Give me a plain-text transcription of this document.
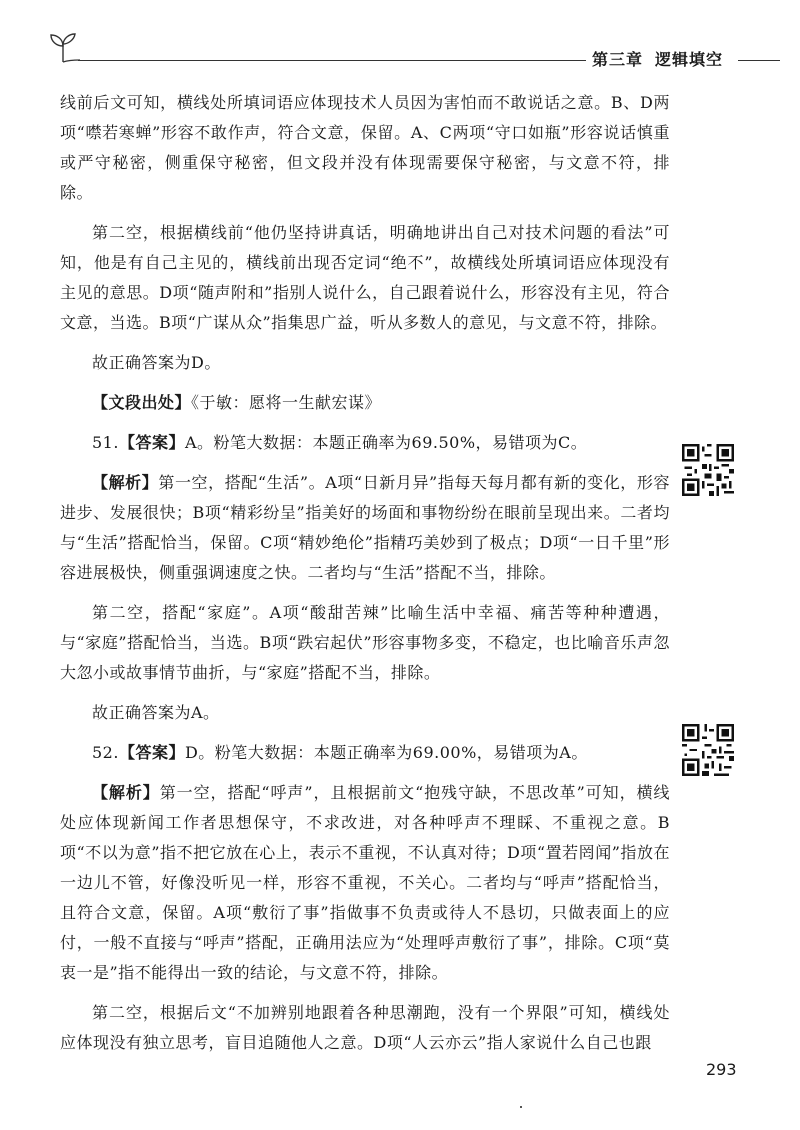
第三章 逻辑填空

线前后文可知，横线处所填词语应体现技术人员因为害怕而不敢说话之意。B、D两项“噤若寒蝉”形容不敢作声，符合文意，保留。A、C两项“守口如瓶”形容说话慎重或严守秘密，侧重保守秘密，但文段并没有体现需要保守秘密，与文意不符，排除。

第二空，根据横线前“他仍坚持讲真话，明确地讲出自己对技术问题的看法”可知，他是有自己主见的，横线前出现否定词“绝不”，故横线处所填词语应体现没有主见的意思。D项“随声附和”指别人说什么，自己跟着说什么，形容没有主见，符合文意，当选。B项“广谋从众”指集思广益，听从多数人的意见，与文意不符，排除。

故正确答案为D。

【文段出处】《于敏：愿将一生献宏谋》

51.【答案】A。粉笔大数据：本题正确率为69.50%，易错项为C。

【解析】第一空，搭配“生活”。A项“日新月异”指每天每月都有新的变化，形容进步、发展很快；B项“精彩纷呈”指美好的场面和事物纷纷在眼前呈现出来。二者均与“生活”搭配恰当，保留。C项“精妙绝伦”指精巧美妙到了极点；D项“一日千里”形容进展极快，侧重强调速度之快。二者均与“生活”搭配不当，排除。

第二空，搭配“家庭”。A项“酸甜苦辣”比喻生活中幸福、痛苦等种种遭遇，与“家庭”搭配恰当，当选。B项“跌宕起伏”形容事物多变，不稳定，也比喻音乐声忽大忽小或故事情节曲折，与“家庭”搭配不当，排除。

故正确答案为A。

52.【答案】D。粉笔大数据：本题正确率为69.00%，易错项为A。

【解析】第一空，搭配“呼声”，且根据前文“抱残守缺，不思改革”可知，横线处应体现新闻工作者思想保守，不求改进，对各种呼声不理睬、不重视之意。B项“不以为意”指不把它放在心上，表示不重视，不认真对待；D项“置若罔闻”指放在一边儿不管，好像没听见一样，形容不重视，不关心。二者均与“呼声”搭配恰当，且符合文意，保留。A项“敷衍了事”指做事不负责或待人不恳切，只做表面上的应付，一般不直接与“呼声”搭配，正确用法应为“处理呼声敷衍了事”，排除。C项“莫衷一是”指不能得出一致的结论，与文意不符，排除。

第二空，根据后文“不加辨别地跟着各种思潮跑，没有一个界限”可知，横线处应体现没有独立思考，盲目追随他人之意。D项“人云亦云”指人家说什么自己也跟

293
